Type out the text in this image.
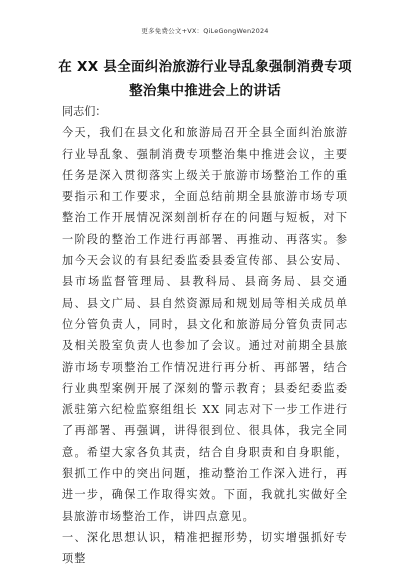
更多免费公文+VX：QiLeGongWen2024
在 XX 县全面纠治旅游行业导乱象强制消费专项整治集中推进会上的讲话

同志们：

今天，我们在县文化和旅游局召开全县全面纠治旅游行业导乱象、强制消费专项整治集中推进会议，主要任务是深入贯彻落实上级关于旅游市场整治工作的重要指示和工作要求，全面总结前期全县旅游市场专项整治工作开展情况深刻剖析存在的问题与短板，对下一阶段的整治工作进行再部署、再推动、再落实。参加今天会议的有县纪委监委县委宣传部、县公安局、县市场监督管理局、县教科局、县商务局、县交通局、县文广局、县自然资源局和规划局等相关成员单位分管负责人，同时，县文化和旅游局分管负责同志及相关股室负责人也参加了会议。通过对前期全县旅游市场专项整治工作情况进行再分析、再部署，结合行业典型案例开展了深刻的警示教育；县委纪委监委派驻第六纪检监察组组长 XX 同志对下一步工作进行了再部署、再强调，讲得很到位、很具体，我完全同意。希望大家各负其责，结合自身职责和自身职能，狠抓工作中的突出问题，推动整治工作深入进行，再进一步，确保工作取得实效。下面，我就扎实做好全县旅游市场整治工作，讲四点意见。

一、深化思想认识，精准把握形势，切实增强抓好专项整
